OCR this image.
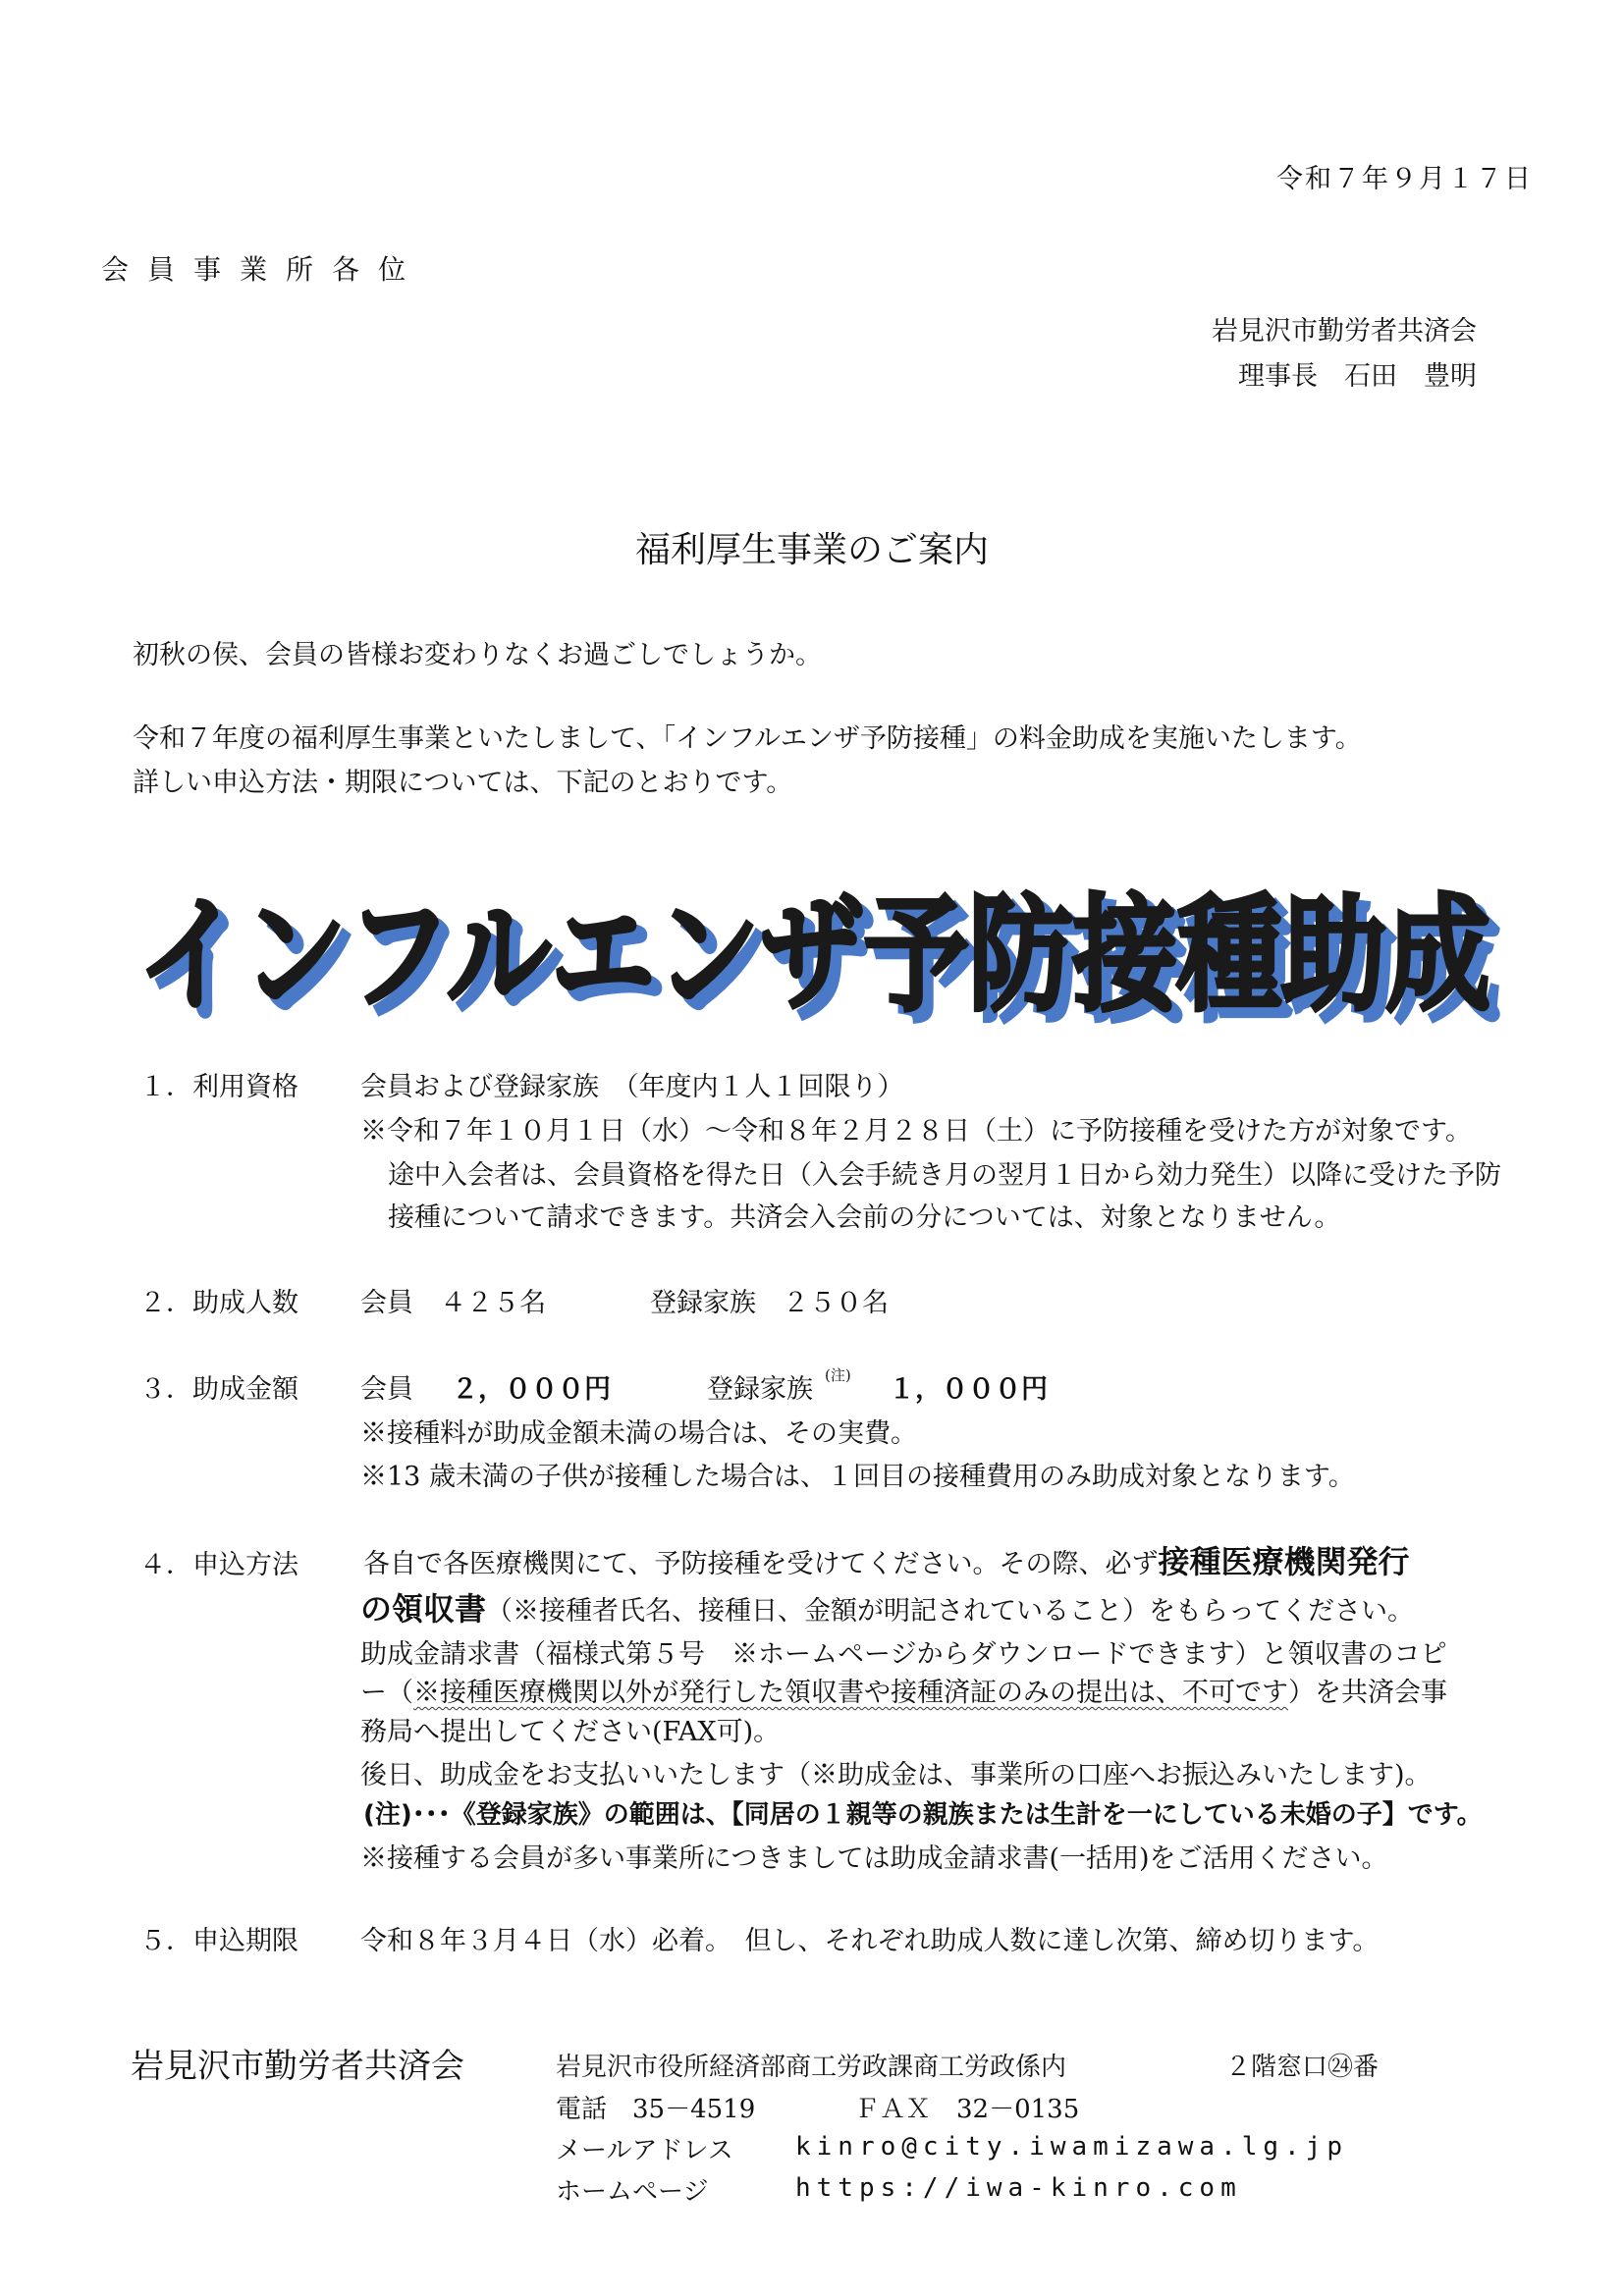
令和７年９月１７日
会員事業所各位
岩見沢市勤労者共済会
理事長　石田　豊明
福利厚生事業のご案内
初秋の侯、会員の皆様お変わりなくお過ごしでしょうか。
令和７年度の福利厚生事業といたしまして、「インフルエンザ予防接種」の料金助成を実施いたします。
詳しい申込方法・期限については、下記のとおりです。
インフルエンザ予防接種助成
インフルエンザ予防接種助成
１．利用資格 会員および登録家族　（年度内１人１回限り）
※令和７年１０月１日（水）～令和８年２月２８日（土）に予防接種を受けた方が対象です。
途中入会者は、会員資格を得た日（入会手続き月の翌月１日から効力発生）以降に受けた予防
接種について請求できます。共済会入会前の分については、対象となりません。
２．助成人数 会員　４２５名	登録家族　２５０名
３．助成金額 会員 ２，０００円	登録家族 (注) １，０００円
※接種料が助成金額未満の場合は、その実費。
※13 歳未満の子供が接種した場合は、１回目の接種費用のみ助成対象となります。
４．申込方法 各自で各医療機関にて、予防接種を受けてください。その際、必ず接種医療機関発行
の領収書（※接種者氏名、接種日、金額が明記されていること）をもらってください。
助成金請求書（福様式第５号　※ホームページからダウンロードできます）と領収書のコピ
ー（※接種医療機関以外が発行した領収書や接種済証のみの提出は、不可です）を共済会事
務局へ提出してください(FAX可)。
後日、助成金をお支払いいたします（※助成金は、事業所の口座へお振込みいたします)。
(注)･･･《登録家族》の範囲は、【同居の１親等の親族または生計を一にしている未婚の子】です。
※接種する会員が多い事業所につきましては助成金請求書(一括用)をご活用ください。
５．申込期限 令和８年３月４日（水）必着。　但し、それぞれ助成人数に達し次第、締め切ります。
岩見沢市勤労者共済会	岩見沢市役所経済部商工労政課商工労政係内	２階窓口㉔番
電話　35－4519	ＦＡＸ　32－0135
メールアドレス kinro@city.iwamizawa.lg.jp
ホームページ	https://iwa-kinro.com
